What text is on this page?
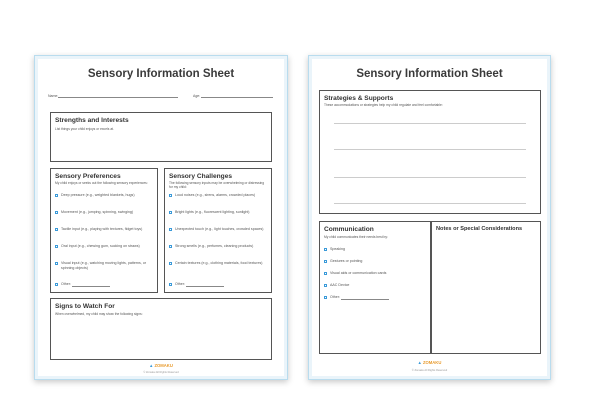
Sensory Information Sheet
Name:	Age:
Strengths and Interests
List things your child enjoys or excels at.
Sensory Preferences
My child enjoys or seeks out the following sensory experiences:
Deep pressure (e.g., weighted blankets, hugs)
Movement (e.g., jumping, spinning, swinging)
Tactile input (e.g., playing with textures, fidget toys)
Oral input (e.g., chewing gum, sucking on straws)
Visual input (e.g., watching moving lights, patterns, or spinning objects)
Other:
Sensory Challenges
The following sensory inputs may be overwhelming or distressing for my child:
Loud noises (e.g., sirens, alarms, crowded places)
Bright lights (e.g., fluorescent lighting, sunlight)
Unexpected touch (e.g., light touches, crowded spaces)
Strong smells (e.g., perfumes, cleaning products)
Certain textures (e.g., clothing materials, food textures)
Other:
Signs to Watch For
When overwhelmed, my child may show the following signs:
▲ ZOMAKU
© Zomaku All Rights Reserved
Sensory Information Sheet
Strategies & Supports
These accommodations or strategies help my child regulate and feel comfortable:
Communication
My child communicates their needs best by:
Speaking
Gestures or pointing
Visual aids or communication cards
AAC Device
Other:
Notes or Special Considerations
▲ ZOMAKU
© Zomaku All Rights Reserved
